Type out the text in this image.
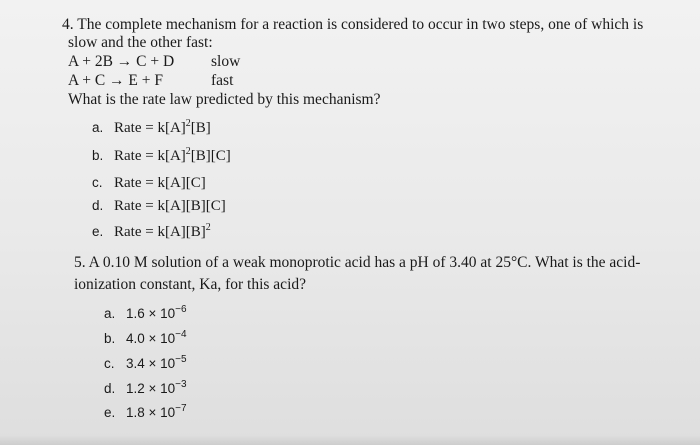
4. The complete mechanism for a reaction is considered to occur in two steps, one of which is
slow and the other fast:
A + 2B → C + D slow
A + C → E + F	fast
What is the rate law predicted by this mechanism?
a. Rate = $k[A]^2[B]$
b. Rate = $k[A]^2[B][C]$
c. Rate = k[A][C]
d. Rate = k[A][B][C]
e. Rate = $k[A][B]^2$
5. A 0.10 M solution of a weak monoprotic acid has a pH of 3.40 at 25°C. What is the acid-
ionization constant, Ka, for this acid?
a. $1.6 \times 10^{-6}$
b. $4.0 \times 10^{-4}$
c. $3.4 \times 10^{-5}$
d. $1.2 \times 10^{-3}$
e. $1.8 \times 10^{-7}$
